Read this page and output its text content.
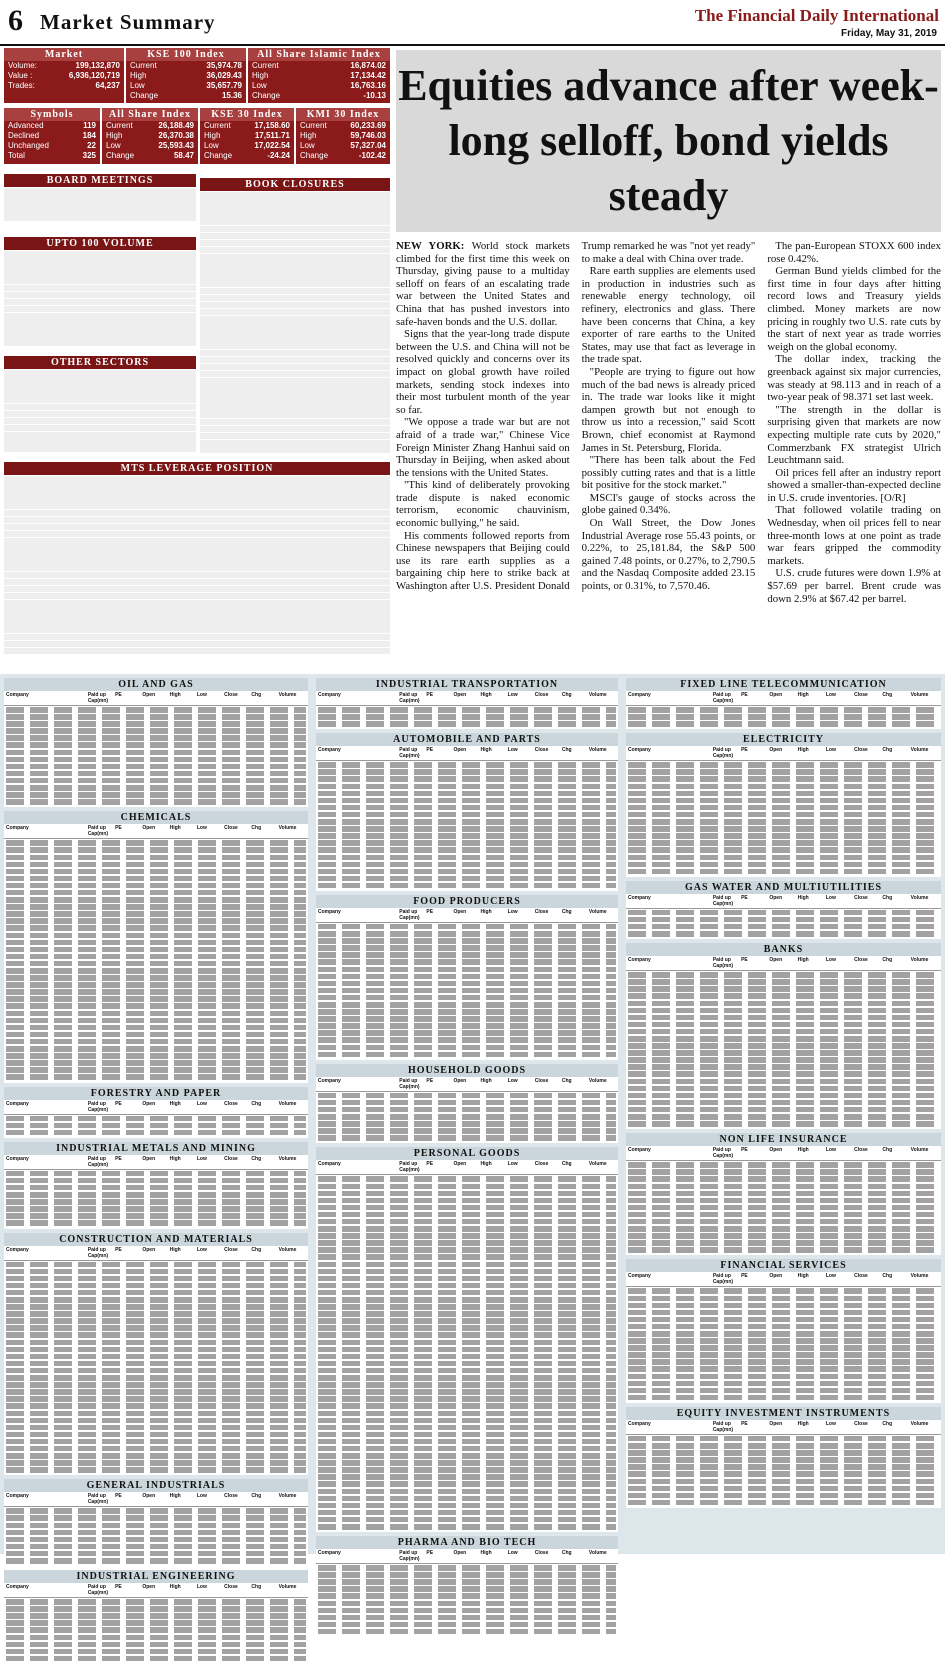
6 Market Summary	The Financial Daily International
Friday, May 31, 2019
Market
Volume:	199,132,870
Value :	6,936,120,719
Trades:	64,237
KSE 100 Index
Current	35,974.78
High	36,029.43
Low	35,657.79
Change	15.36
All Share Islamic Index
Current	16,874.02
High	17,134.42
Low	16,763.16
Change	-10.13
Symbols
Advanced	119
Declined	184
Unchanged	22
Total	325
All Share Index
Current	26,188.49
High	26,370.38
Low	25,593.43
Change	58.47
KSE 30 Index
Current	17,158.60
High	17,511.71
Low	17,022.54
Change	-24.24
KMI 30 Index
Current	60,233.69
High	59,746.03
Low	57,327.04
Change	-102.42
BOARD MEETINGS	BOOK CLOSURES
UPTO 100 VOLUME
OTHER SECTORS
MTS LEVERAGE POSITION
Equities advance after week-long selloff, bond yields steady

NEW YORK: World stock markets climbed for the first time this week on Thursday, giving pause to a multiday selloff on fears of an escalating trade war between the United States and China that has pushed investors into safe-haven bonds and the U.S. dollar.

Signs that the year-long trade dispute between the U.S. and China will not be resolved quickly and concerns over its impact on global growth have roiled markets, sending stock indexes into their most turbulent month of the year so far.

"We oppose a trade war but are not afraid of a trade war," Chinese Vice Foreign Minister Zhang Hanhui said on Thursday in Beijing, when asked about the tensions with the United States.

"This kind of deliberately provoking trade dispute is naked economic terrorism, economic chauvinism, economic bullying," he said.

His comments followed reports from Chinese newspapers that Beijing could use its rare earth supplies as a bargaining chip here to strike back at Washington after U.S. President Donald Trump remarked he was "not yet ready" to make a deal with China over trade.

Rare earth supplies are elements used in production in industries such as renewable energy technology, oil refinery, electronics and glass. There have been concerns that China, a key exporter of rare earths to the United States, may use that fact as leverage in the trade spat.

"People are trying to figure out how much of the bad news is already priced in. The trade war looks like it might dampen growth but not enough to throw us into a recession," said Scott Brown, chief economist at Raymond James in St. Petersburg, Florida.

"There has been talk about the Fed possibly cutting rates and that is a little bit positive for the stock market."

MSCI's gauge of stocks across the globe gained 0.34%.

On Wall Street, the Dow Jones Industrial Average rose 55.43 points, or 0.22%, to 25,181.84, the S&P 500 gained 7.48 points, or 0.27%, to 2,790.5 and the Nasdaq Composite added 23.15 points, or 0.31%, to 7,570.46.

The pan-European STOXX 600 index rose 0.42%.

German Bund yields climbed for the first time in four days after hitting record lows and Treasury yields climbed. Money markets are now pricing in roughly two U.S. rate cuts by the start of next year as trade worries weigh on the global economy.

The dollar index, tracking the greenback against six major currencies, was steady at 98.113 and in reach of a two-year peak of 98.371 set last week.

"The strength in the dollar is surprising given that markets are now expecting multiple rate cuts by 2020," Commerzbank FX strategist Ulrich Leuchtmann said.

Oil prices fell after an industry report showed a smaller-than-expected decline in U.S. crude inventories. [O/R]

That followed volatile trading on Wednesday, when oil prices fell to near three-month lows at one point as trade war fears gripped the commodity markets.

U.S. crude futures were down 1.9% at $57.69 per barrel. Brent crude was down 2.9% at $67.42 per barrel.

OIL AND GAS
Company	Paid up Cap(mn)
PE	Open	High	Low	Close	Chg	Volume
CHEMICALS
Company	Paid up Cap(mn)
PE	Open	High	Low	Close	Chg	Volume
FORESTRY AND PAPER
Company	Paid up Cap(mn)
PE	Open	High	Low	Close	Chg	Volume
INDUSTRIAL METALS AND MINING
Company	Paid up Cap(mn)
PE	Open	High	Low	Close	Chg	Volume
CONSTRUCTION AND MATERIALS
Company	Paid up Cap(mn)
PE	Open	High	Low	Close	Chg	Volume
GENERAL INDUSTRIALS
Company	Paid up Cap(mn)
PE	Open	High	Low	Close	Chg	Volume
INDUSTRIAL ENGINEERING
Company	Paid up Cap(mn)
PE	Open	High	Low	Close	Chg	Volume
INDUSTRIAL TRANSPORTATION
Company	Paid up Cap(mn)
PE	Open	High	Low	Close	Chg	Volume
AUTOMOBILE AND PARTS
Company	Paid up Cap(mn)
PE	Open	High	Low	Close	Chg	Volume
FOOD PRODUCERS
Company	Paid up Cap(mn)
PE	Open	High	Low	Close	Chg	Volume
HOUSEHOLD GOODS
Company	Paid up Cap(mn)
PE	Open	High	Low	Close	Chg	Volume
PERSONAL GOODS
Company	Paid up Cap(mn)
PE	Open	High	Low	Close	Chg	Volume
PHARMA AND BIO TECH
Company	Paid up Cap(mn)
PE	Open	High	Low	Close	Chg	Volume
FIXED LINE TELECOMMUNICATION
Company	Paid up Cap(mn)
PE	Open	High	Low	Close	Chg	Volume
ELECTRICITY
Company	Paid up Cap(mn)
PE	Open	High	Low	Close	Chg	Volume
GAS WATER AND MULTIUTILITIES
Company	Paid up Cap(mn)
PE	Open	High	Low	Close	Chg	Volume
BANKS
Company	Paid up Cap(mn)
PE	Open	High	Low	Close	Chg	Volume
NON LIFE INSURANCE
Company	Paid up Cap(mn)
PE	Open	High	Low	Close	Chg	Volume
FINANCIAL SERVICES
Company	Paid up Cap(mn)
PE	Open	High	Low	Close	Chg	Volume
EQUITY INVESTMENT INSTRUMENTS
Company	Paid up Cap(mn)
PE	Open	High	Low	Close	Chg	Volume
